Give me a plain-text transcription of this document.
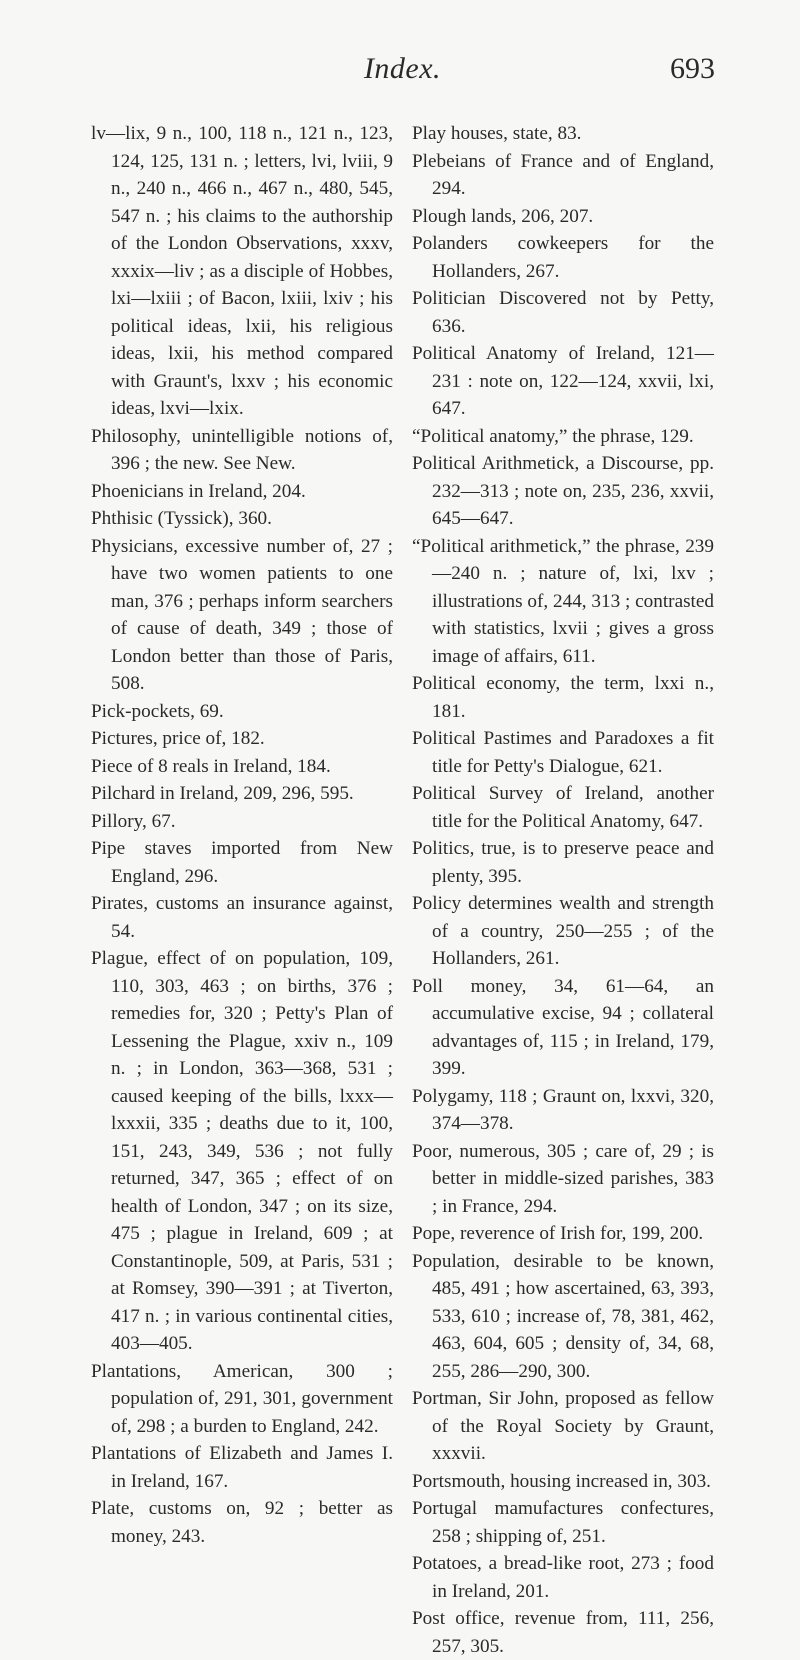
Index.	693

lv—lix, 9 n., 100, 118 n., 121 n., 123, 124, 125, 131 n. ; letters, lvi, lviii, 9 n., 240 n., 466 n., 467 n., 480, 545, 547 n. ; his claims to the authorship of the London Observations, xxxv, xxxix—liv ; as a disciple of Hobbes, lxi—lxiii ; of Bacon, lxiii, lxiv ; his political ideas, lxii, his religious ideas, lxii, his method compared with Graunt's, lxxv ; his economic ideas, lxvi—lxix.

Philosophy, unintelligible notions of, 396 ; the new. See New.

Phoenicians in Ireland, 204.

Phthisic (Tyssick), 360.

Physicians, excessive number of, 27 ; have two women patients to one man, 376 ; perhaps inform searchers of cause of death, 349 ; those of London better than those of Paris, 508.

Pick-pockets, 69.

Pictures, price of, 182.

Piece of 8 reals in Ireland, 184.

Pilchard in Ireland, 209, 296, 595.

Pillory, 67.

Pipe staves imported from New England, 296.

Pirates, customs an insurance against, 54.

Plague, effect of on population, 109, 110, 303, 463 ; on births, 376 ; remedies for, 320 ; Petty's Plan of Lessening the Plague, xxiv n., 109 n. ; in London, 363—368, 531 ; caused keeping of the bills, lxxx—lxxxii, 335 ; deaths due to it, 100, 151, 243, 349, 536 ; not fully returned, 347, 365 ; effect of on health of London, 347 ; on its size, 475 ; plague in Ireland, 609 ; at Constantinople, 509, at Paris, 531 ; at Romsey, 390—391 ; at Tiverton, 417 n. ; in various continental cities, 403—405.

Plantations, American, 300 ; population of, 291, 301, government of, 298 ; a burden to England, 242.

Plantations of Elizabeth and James I. in Ireland, 167.

Plate, customs on, 92 ; better as money, 243.

Play houses, state, 83.

Plebeians of France and of England, 294.

Plough lands, 206, 207.

Polanders cowkeepers for the Hollanders, 267.

Politician Discovered not by Petty, 636.

Political Anatomy of Ireland, 121—231 : note on, 122—124, xxvii, lxi, 647.

“Political anatomy,” the phrase, 129.

Political Arithmetick, a Discourse, pp. 232—313 ; note on, 235, 236, xxvii, 645—647.

“Political arithmetick,” the phrase, 239—240 n. ; nature of, lxi, lxv ; illustrations of, 244, 313 ; contrasted with statistics, lxvii ; gives a gross image of affairs, 611.

Political economy, the term, lxxi n., 181.

Political Pastimes and Paradoxes a fit title for Petty's Dialogue, 621.

Political Survey of Ireland, another title for the Political Anatomy, 647.

Politics, true, is to preserve peace and plenty, 395.

Policy determines wealth and strength of a country, 250—255 ; of the Hollanders, 261.

Poll money, 34, 61—64, an accumulative excise, 94 ; collateral advantages of, 115 ; in Ireland, 179, 399.

Polygamy, 118 ; Graunt on, lxxvi, 320, 374—378.

Poor, numerous, 305 ; care of, 29 ; is better in middle-sized parishes, 383 ; in France, 294.

Pope, reverence of Irish for, 199, 200.

Population, desirable to be known, 485, 491 ; how ascertained, 63, 393, 533, 610 ; increase of, 78, 381, 462, 463, 604, 605 ; density of, 34, 68, 255, 286—290, 300.

Portman, Sir John, proposed as fellow of the Royal Society by Graunt, xxxvii.

Portsmouth, housing increased in, 303.

Portugal mamufactures confectures, 258 ; shipping of, 251.

Potatoes, a bread-like root, 273 ; food in Ireland, 201.

Post office, revenue from, 111, 256, 257, 305.
